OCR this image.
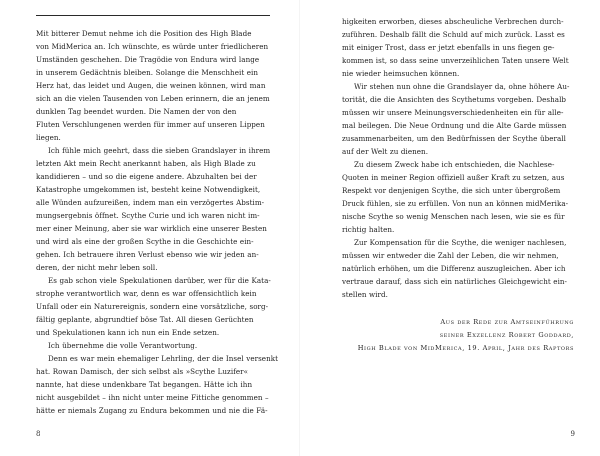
Mit bitterer Demut nehme ich die Position des High Blade
von MidMerica an. Ich wünschte, es würde unter friedlicheren
Umständen geschehen. Die Tragödie von Endura wird lange
in unserem Gedächtnis bleiben. Solange die Menschheit ein
Herz hat, das leidet und Augen, die weinen können, wird man
sich an die vielen Tausenden von Leben erinnern, die an jenem
dunklen Tag beendet wurden. Die Namen der von den
Fluten Verschlungenen werden für immer auf unseren Lippen
liegen.
Ich fühle mich geehrt, dass die sieben Grandslayer in ihrem
letzten Akt mein Recht anerkannt haben, als High Blade zu
kandidieren – und so die eigene andere. Abzuhalten bei der
Katastrophe umgekommen ist, besteht keine Notwendigkeit,
alle Wünden aufzureißen, indem man ein verzögertes Abstim-
mungsergebnis öffnet. Scythe Curie und ich waren nicht im-
mer einer Meinung, aber sie war wirklich eine unserer Besten
und wird als eine der großen Scythe in die Geschichte ein-
gehen. Ich betrauere ihren Verlust ebenso wie wir jeden an-
deren, der nicht mehr leben soll.
Es gab schon viele Spekulationen darüber, wer für die Kata-
strophe verantwortlich war, denn es war offensichtlich kein
Unfall oder ein Naturereignis, sondern eine vorsätzliche, sorg-
fältig geplante, abgrundtief böse Tat. All diesen Gerüchten
und Spekulationen kann ich nun ein Ende setzen.
Ich übernehme die volle Verantwortung.
Denn es war mein ehemaliger Lehrling, der die Insel versenkt
hat. Rowan Damisch, der sich selbst als »Scythe Luzifer«
nannte, hat diese undenkbare Tat begangen. Hätte ich ihn
nicht ausgebildet – ihn nicht unter meine Fittiche genommen –
hätte er niemals Zugang zu Endura bekommen und nie die Fä-
8
higkeiten erworben, dieses abscheuliche Verbrechen durch-
zuführen. Deshalb fällt die Schuld auf mich zurück. Lasst es
mit einiger Trost, dass er jetzt ebenfalls in uns fiegen ge-
kommen ist, so dass seine unverzeihlichen Taten unsere Welt
nie wieder heimsuchen können.
Wir stehen nun ohne die Grandslayer da, ohne höhere Au-
torität, die die Ansichten des Scythetums vorgeben. Deshalb
müssen wir unsere Meinungsverschiedenheiten ein für alle-
mal beilegen. Die Neue Ordnung und die Alte Garde müssen
zusammenarbeiten, um den Bedürfnissen der Scythe überall
auf der Welt zu dienen.
Zu diesem Zweck habe ich entschieden, die Nachlese-
Quoten in meiner Region offiziell außer Kraft zu setzen, aus
Respekt vor denjenigen Scythe, die sich unter übergroßem
Druck fühlen, sie zu erfüllen. Von nun an können midMerika-
nische Scythe so wenig Menschen nach lesen, wie sie es für
richtig halten.
Zur Kompensation für die Scythe, die weniger nachlesen,
müssen wir entweder die Zahl der Leben, die wir nehmen,
natürlich erhöhen, um die Differenz auszugleichen. Aber ich
vertraue darauf, dass sich ein natürliches Gleichgewicht ein-
stellen wird.
Aus der Rede zur Amtseinführung
seiner Exzellenz Robert Goddard,
High Blade von MidMerica, 19. April, Jahr des Raptors
9
